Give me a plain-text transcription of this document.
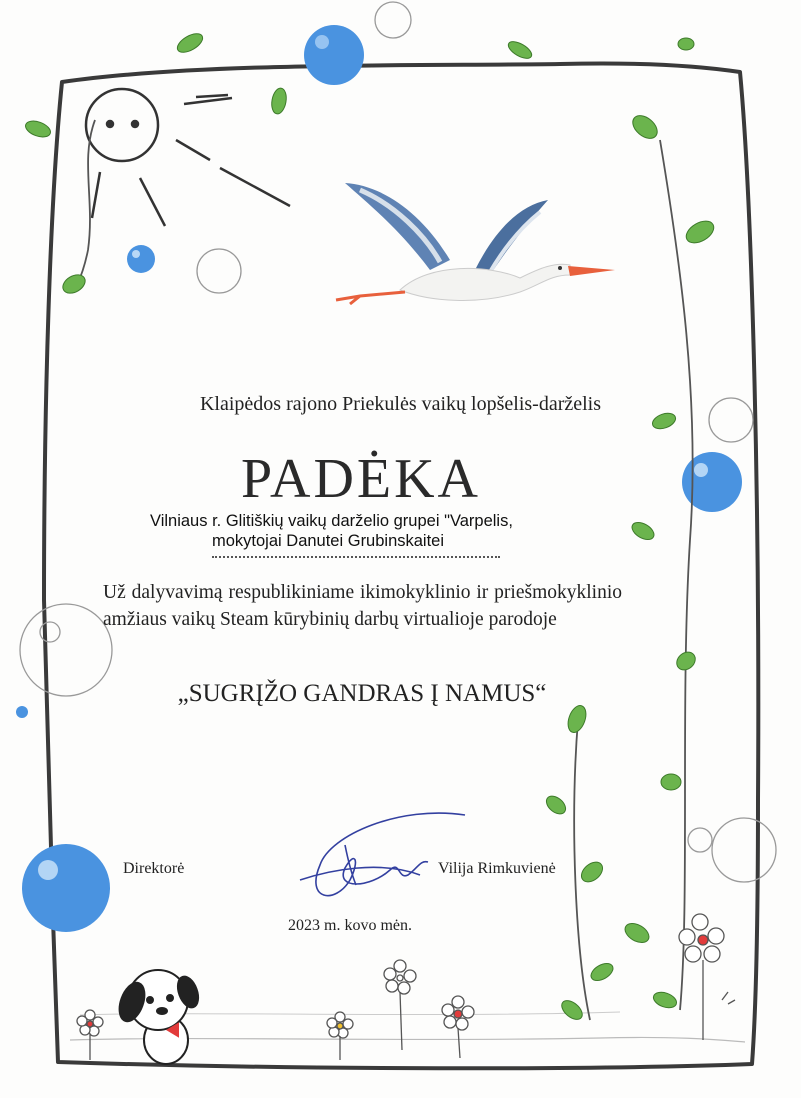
Klaipėdos rajono Priekulės vaikų lopšelis-darželis
PADĖKA
Vilniaus r. Glitiškių vaikų darželio grupei "Varpelis,
mokytojai Danutei Grubinskaitei
Už dalyvavimą respublikiniame ikimokyklinio ir priešmokyklinio amžiaus vaikų Steam kūrybinių darbų virtualioje parodoje
„SUGRĮŽO GANDRAS Į NAMUS“
Direktorė	Vilija Rimkuvienė
2023 m. kovo mėn.
